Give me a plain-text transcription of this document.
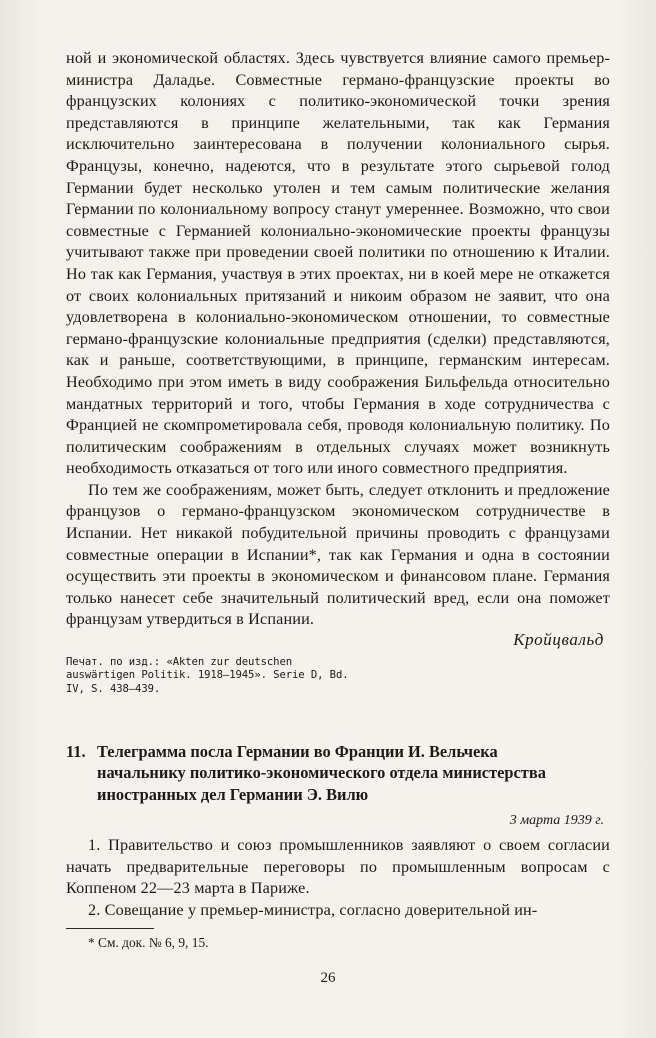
ной и экономической областях. Здесь чувствуется влияние самого премьер-министра Даладье. Совместные германо-французские проекты во французских колониях с политико-экономической точки зрения представляются в принципе желательными, так как Германия исключительно заинтересована в получении колониального сырья. Французы, конечно, надеются, что в результате этого сырьевой голод Германии будет несколько утолен и тем самым политические желания Германии по колониальному вопросу станут умереннее. Возможно, что свои совместные с Германией колониально-экономические проекты французы учитывают также при проведении своей политики по отношению к Италии. Но так как Германия, участвуя в этих проектах, ни в коей мере не откажется от своих колониальных притязаний и никоим образом не заявит, что она удовлетворена в колониально-экономическом отношении, то совместные германо-французские колониальные предприятия (сделки) представляются, как и раньше, соответствующими, в принципе, германским интересам. Необходимо при этом иметь в виду соображения Бильфельда относительно мандатных территорий и того, чтобы Германия в ходе сотрудничества с Францией не скомпрометировала себя, проводя колониальную политику. По политическим соображениям в отдельных случаях может возникнуть необходимость отказаться от того или иного совместного предприятия.

По тем же соображениям, может быть, следует отклонить и предложение французов о германо-французском экономическом сотрудничестве в Испании. Нет никакой побудительной причины проводить с французами совместные операции в Испании*, так как Германия и одна в состоянии осуществить эти проекты в экономическом и финансовом плане. Германия только нанесет себе значительный политический вред, если она поможет французам утвердиться в Испании.

Кройцвальд
Печат. по изд.: «Akten zur deutschen auswärtigen Politik. 1918—1945». Serie D, Bd. IV, S. 438—439.
11. Телеграмма посла Германии во Франции И. Вельчека
начальнику политико-экономического отдела министерства иностранных дел Германии Э. Вилю
3 марта 1939 г.

1. Правительство и союз промышленников заявляют о своем согласии начать предварительные переговоры по промышленным вопросам с Коппеном 22—23 марта в Париже.

2. Совещание у премьер-министра, согласно доверительной ин-

* См. док. № 6, 9, 15.
26
